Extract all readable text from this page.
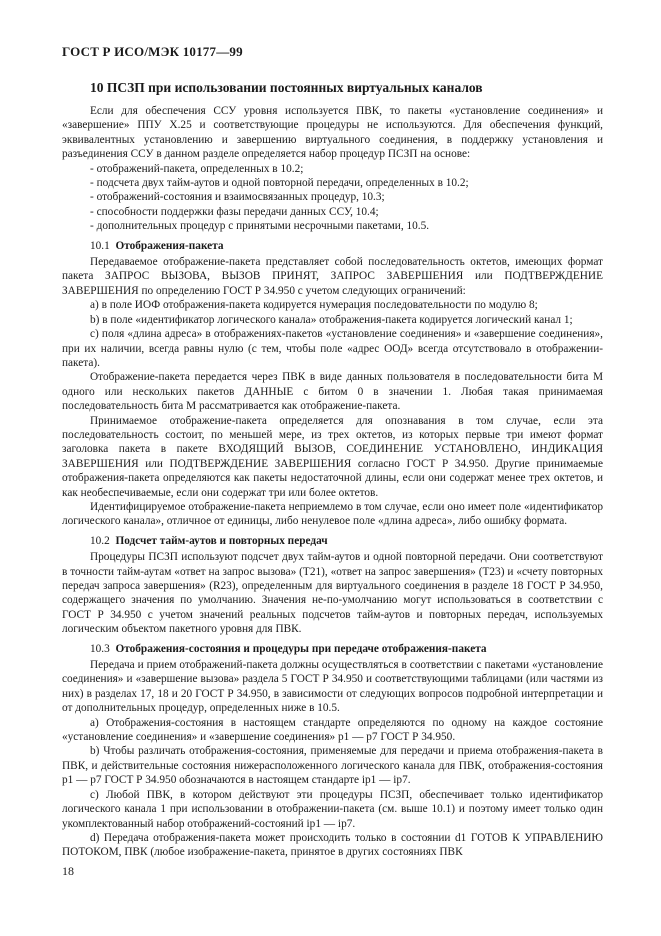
ГОСТ Р ИСО/МЭК 10177—99
10 ПСЗП при использовании постоянных виртуальных каналов

Если для обеспечения ССУ уровня используется ПВК, то пакеты «установление соединения» и «завершение» ППУ Х.25 и соответствующие процедуры не используются. Для обеспечения функций, эквивалентных установлению и завершению виртуального соединения, в поддержку установления и разъединения ССУ в данном разделе определяется набор процедур ПСЗП на основе:

- отображений-пакета, определенных в 10.2;
- подсчета двух тайм-аутов и одной повторной передачи, определенных в 10.2;
- отображений-состояния и взаимосвязанных процедур, 10.3;
- способности поддержки фазы передачи данных ССУ, 10.4;
- дополнительных процедур с принятыми несрочными пакетами, 10.5.
10.1 Отображения-пакета

Передаваемое отображение-пакета представляет собой последовательность октетов, имеющих формат пакета ЗАПРОС ВЫЗОВА, ВЫЗОВ ПРИНЯТ, ЗАПРОС ЗАВЕРШЕНИЯ или ПОДТВЕРЖДЕНИЕ ЗАВЕРШЕНИЯ по определению ГОСТ Р 34.950 с учетом следующих ограничений:

а) в поле ИОФ отображения-пакета кодируется нумерация последовательности по модулю 8;

b) в поле «идентификатор логического канала» отображения-пакета кодируется логический канал 1;

с) поля «длина адреса» в отображениях-пакетов «установление соединения» и «завершение соединения», при их наличии, всегда равны нулю (с тем, чтобы поле «адрес ООД» всегда отсутствовало в отображении-пакета).

Отображение-пакета передается через ПВК в виде данных пользователя в последовательности бита М одного или нескольких пакетов ДАННЫЕ с битом 0 в значении 1. Любая такая принимаемая последовательность бита М рассматривается как отображение-пакета.

Принимаемое отображение-пакета определяется для опознавания в том случае, если эта последовательность состоит, по меньшей мере, из трех октетов, из которых первые три имеют формат заголовка пакета в пакете ВХОДЯЩИЙ ВЫЗОВ, СОЕДИНЕНИЕ УСТАНОВЛЕНО, ИНДИКАЦИЯ ЗАВЕРШЕНИЯ или ПОДТВЕРЖДЕНИЕ ЗАВЕРШЕНИЯ согласно ГОСТ Р 34.950. Другие принимаемые отображения-пакета определяются как пакеты недостаточной длины, если они содержат менее трех октетов, и как необеспечиваемые, если они содержат три или более октетов.

Идентифицируемое отображение-пакета неприемлемо в том случае, если оно имеет поле «идентификатор логического канала», отличное от единицы, либо ненулевое поле «длина адреса», либо ошибку формата.

10.2 Подсчет тайм-аутов и повторных передач

Процедуры ПСЗП используют подсчет двух тайм-аутов и одной повторной передачи. Они соответствуют в точности тайм-аутам «ответ на запрос вызова» (Т21), «ответ на запрос завершения» (Т23) и «счету повторных передач запроса завершения» (R23), определенным для виртуального соединения в разделе 18 ГОСТ Р 34.950, содержащего значения по умолчанию. Значения не-по-умолчанию могут использоваться в соответствии с ГОСТ Р 34.950 с учетом значений реальных подсчетов тайм-аутов и повторных передач, используемых логическим объектом пакетного уровня для ПВК.

10.3 Отображения-состояния и процедуры при передаче отображения-пакета

Передача и прием отображений-пакета должны осуществляться в соответствии с пакетами «установление соединения» и «завершение вызова» раздела 5 ГОСТ Р 34.950 и соответствующими таблицами (или частями из них) в разделах 17, 18 и 20 ГОСТ Р 34.950, в зависимости от следующих вопросов подробной интерпретации и от дополнительных процедур, определенных ниже в 10.5.

а) Отображения-состояния в настоящем стандарте определяются по одному на каждое состояние «установление соединения» и «завершение соединения» р1 — р7 ГОСТ Р 34.950.

b) Чтобы различать отображения-состояния, применяемые для передачи и приема отображения-пакета в ПВК, и действительные состояния нижерасположенного логического канала для ПВК, отображения-состояния р1 — р7 ГОСТ Р 34.950 обозначаются в настоящем стандарте iр1 — iр7.

с) Любой ПВК, в котором действуют эти процедуры ПСЗП, обеспечивает только идентификатор логического канала 1 при использовании в отображении-пакета (см. выше 10.1) и поэтому имеет только один укомплектованный набор отображений-состояний iр1 — iр7.

d) Передача отображения-пакета может происходить только в состоянии d1 ГОТОВ К УПРАВЛЕНИЮ ПОТОКОМ, ПВК (любое изображение-пакета, принятое в других состояниях ПВК

18
